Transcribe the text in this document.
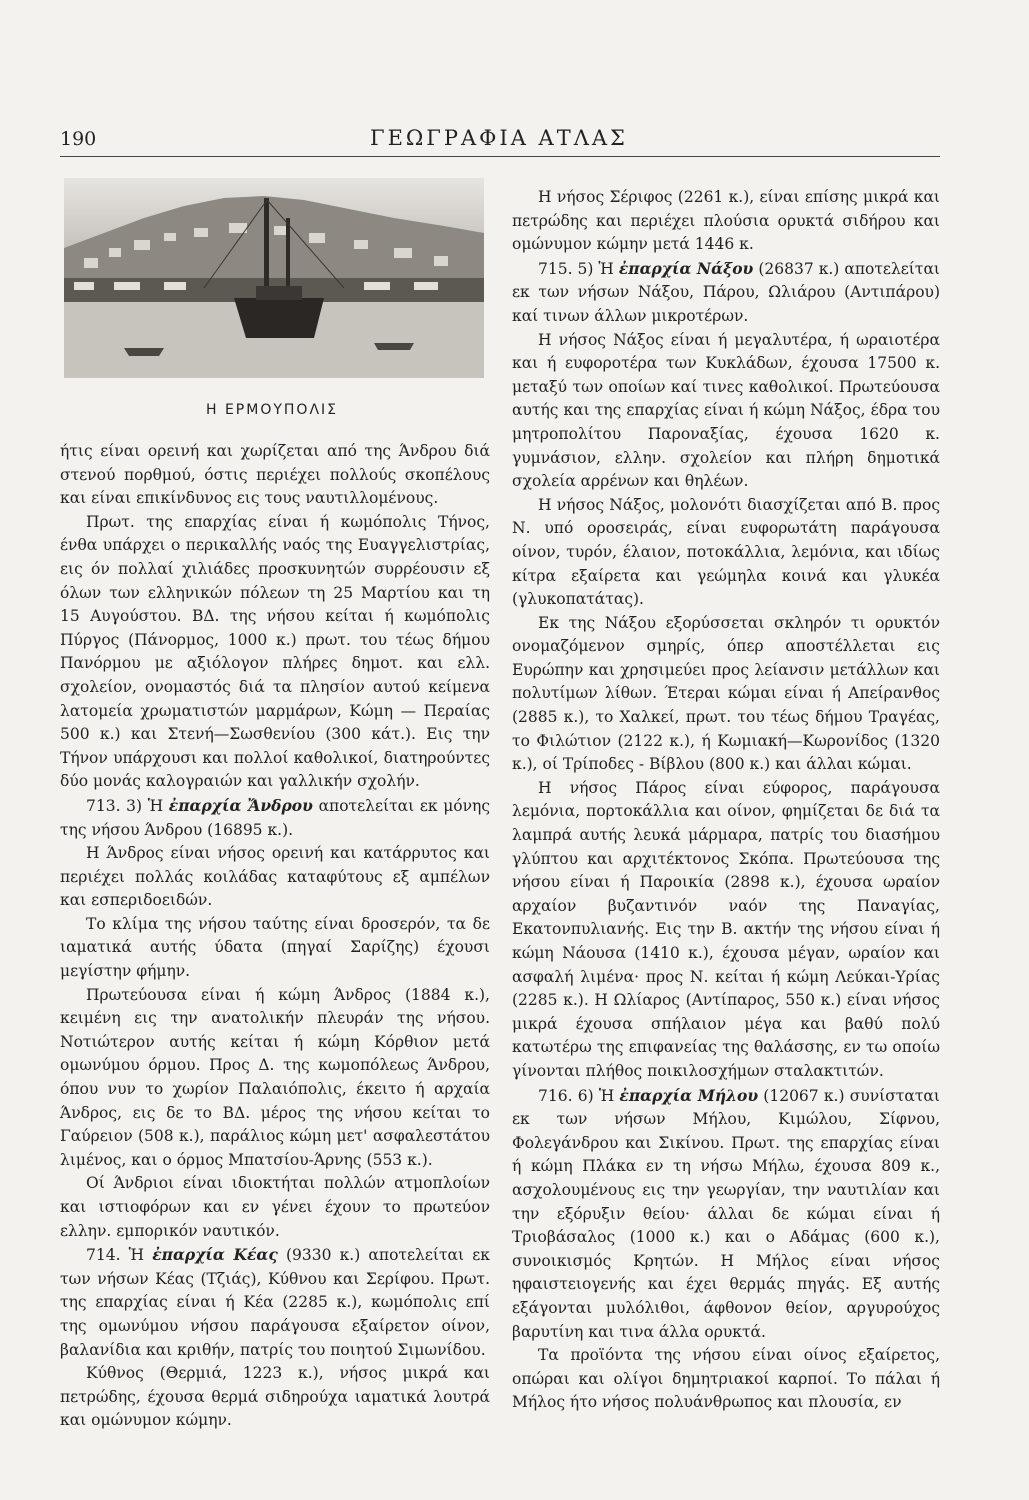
190	ΓΕΩΓΡΑΦΙΑ ΑΤΛΑΣ
Η ΕΡΜΟΥΠΟΛΙΣ

ήτις είναι ορεινή και χωρίζεται από της Άνδρου διά στενού πορθμού, όστις περιέχει πολλούς σκοπέλους και είναι επικίνδυνος εις τους ναυτιλλομένους.

Πρωτ. της επαρχίας είναι ή κωμόπολις Τήνος, ένθα υπάρχει ο περικαλλής ναός της Ευαγγελιστρίας, εις όν πολλαί χιλιάδες προσκυνητών συρρέουσιν εξ όλων των ελληνικών πόλεων τη 25 Μαρτίου και τη 15 Αυγούστου. ΒΔ. της νήσου κείται ή κωμόπολις Πύργος (Πάνορμος, 1000 κ.) πρωτ. του τέως δήμου Πανόρμου με αξιόλογον πλήρες δημοτ. και ελλ. σχολείον, ονομαστός διά τα πλησίον αυτού κείμενα λατομεία χρωματιστών μαρμάρων, Κώμη — Περαίας 500 κ.) και Στενή—Σωσθενίου (300 κάτ.). Εις την Τήνον υπάρχουσι και πολλοί καθολικοί, διατηρούντες δύο μονάς καλογραιών και γαλλικήν σχολήν.

713. 3) Ἡ ἐπαρχία Ἄνδρου αποτελείται εκ μόνης της νήσου Άνδρου (16895 κ.).

Η Άνδρος είναι νήσος ορεινή και κατάρρυτος και περιέχει πολλάς κοιλάδας καταφύτους εξ αμπέλων και εσπεριδοειδών.

Το κλίμα της νήσου ταύτης είναι δροσερόν, τα δε ιαματικά αυτής ύδατα (πηγαί Σαρίζης) έχουσι μεγίστην φήμην.

Πρωτεύουσα είναι ή κώμη Άνδρος (1884 κ.), κειμένη εις την ανατολικήν πλευράν της νήσου. Νοτιώτερον αυτής κείται ή κώμη Κόρθιον μετά ομωνύμου όρμου. Προς Δ. της κωμοπόλεως Άνδρου, όπου νυν το χωρίον Παλαιόπολις, έκειτο ή αρχαία Άνδρος, εις δε το ΒΔ. μέρος της νήσου κείται το Γαύρειον (508 κ.), παράλιος κώμη μετ' ασφαλεστάτου λιμένος, και ο όρμος Μπατσίου-Άρνης (553 κ.).

Οί Άνδριοι είναι ιδιοκτήται πολλών ατμοπλοίων και ιστιοφόρων και εν γένει έχουν το πρωτεύον ελλην. εμπορικόν ναυτικόν.

714. Ἡ ἐπαρχία Κέας (9330 κ.) αποτελείται εκ των νήσων Κέας (Τζιάς), Κύθνου και Σερίφου. Πρωτ. της επαρχίας είναι ή Κέα (2285 κ.), κωμόπολις επί της ομωνύμου νήσου παράγουσα εξαίρετον οίνον, βαλανίδια και κριθήν, πατρίς του ποιητού Σιμωνίδου.

Κύθνος (Θερμιά, 1223 κ.), νήσος μικρά και πετρώδης, έχουσα θερμά σιδηρούχα ιαματικά λουτρά και ομώνυμον κώμην.

Η νήσος Σέριφος (2261 κ.), είναι επίσης μικρά και πετρώδης και περιέχει πλούσια ορυκτά σιδήρου και ομώνυμον κώμην μετά 1446 κ.

715. 5) Ἡ ἐπαρχία Νάξου (26837 κ.) αποτελείται εκ των νήσων Νάξου, Πάρου, Ωλιάρου (Αντιπάρου) καί τινων άλλων μικροτέρων.

Η νήσος Νάξος είναι ή μεγαλυτέρα, ή ωραιοτέρα και ή ευφοροτέρα των Κυκλάδων, έχουσα 17500 κ. μεταξύ των οποίων καί τινες καθολικοί. Πρωτεύουσα αυτής και της επαρχίας είναι ή κώμη Νάξος, έδρα του μητροπολίτου Παροναξίας, έχουσα 1620 κ. γυμνάσιον, ελλην. σχολείον και πλήρη δημοτικά σχολεία αρρένων και θηλέων.

Η νήσος Νάξος, μολονότι διασχίζεται από Β. προς Ν. υπό οροσειράς, είναι ευφορωτάτη παράγουσα οίνον, τυρόν, έλαιον, ποτοκάλλια, λεμόνια, και ιδίως κίτρα εξαίρετα και γεώμηλα κοινά και γλυκέα (γλυκοπατάτας).

Εκ της Νάξου εξορύσσεται σκληρόν τι ορυκτόν ονομαζόμενον σμηρίς, όπερ αποστέλλεται εις Ευρώπην και χρησιμεύει προς λείανσιν μετάλλων και πολυτίμων λίθων. Έτεραι κώμαι είναι ή Απείρανθος (2885 κ.), το Χαλκεί, πρωτ. του τέως δήμου Τραγέας, το Φιλώτιον (2122 κ.), ή Κωμιακή—Κωρονίδος (1320 κ.), οί Τρίποδες - Βίβλου (800 κ.) και άλλαι κώμαι.

Η νήσος Πάρος είναι εύφορος, παράγουσα λεμόνια, πορτοκάλλια και οίνον, φημίζεται δε διά τα λαμπρά αυτής λευκά μάρμαρα, πατρίς του διασήμου γλύπτου και αρχιτέκτονος Σκόπα. Πρωτεύουσα της νήσου είναι ή Παροικία (2898 κ.), έχουσα ωραίον αρχαίον βυζαντινόν ναόν της Παναγίας, Εκατονπυλιανής. Εις την Β. ακτήν της νήσου είναι ή κώμη Νάουσα (1410 κ.), έχουσα μέγαν, ωραίον και ασφαλή λιμένα· προς Ν. κείται ή κώμη Λεύκαι-Υρίας (2285 κ.). Η Ωλίαρος (Αντίπαρος, 550 κ.) είναι νήσος μικρά έχουσα σπήλαιον μέγα και βαθύ πολύ κατωτέρω της επιφανείας της θαλάσσης, εν τω οποίω γίνονται πλήθος ποικιλοσχήμων σταλακτιτών.

716. 6) Ἡ ἐπαρχία Μήλου (12067 κ.) συνίσταται εκ των νήσων Μήλου, Κιμώλου, Σίφνου, Φολεγάνδρου και Σικίνου. Πρωτ. της επαρχίας είναι ή κώμη Πλάκα εν τη νήσω Μήλω, έχουσα 809 κ., ασχολουμένους εις την γεωργίαν, την ναυτιλίαν και την εξόρυξιν θείου· άλλαι δε κώμαι είναι ή Τριοβάσαλος (1000 κ.) και ο Αδάμας (600 κ.), συνοικισμός Κρητών. Η Μήλος είναι νήσος ηφαιστειογενής και έχει θερμάς πηγάς. Εξ αυτής εξάγονται μυλόλιθοι, άφθονον θείον, αργυρούχος βαρυτίνη και τινα άλλα ορυκτά.

Τα προϊόντα της νήσου είναι οίνος εξαίρετος, οπώραι και ολίγοι δημητριακοί καρποί. Το πάλαι ή Μήλος ήτο νήσος πολυάνθρωπος και πλουσία, εν
